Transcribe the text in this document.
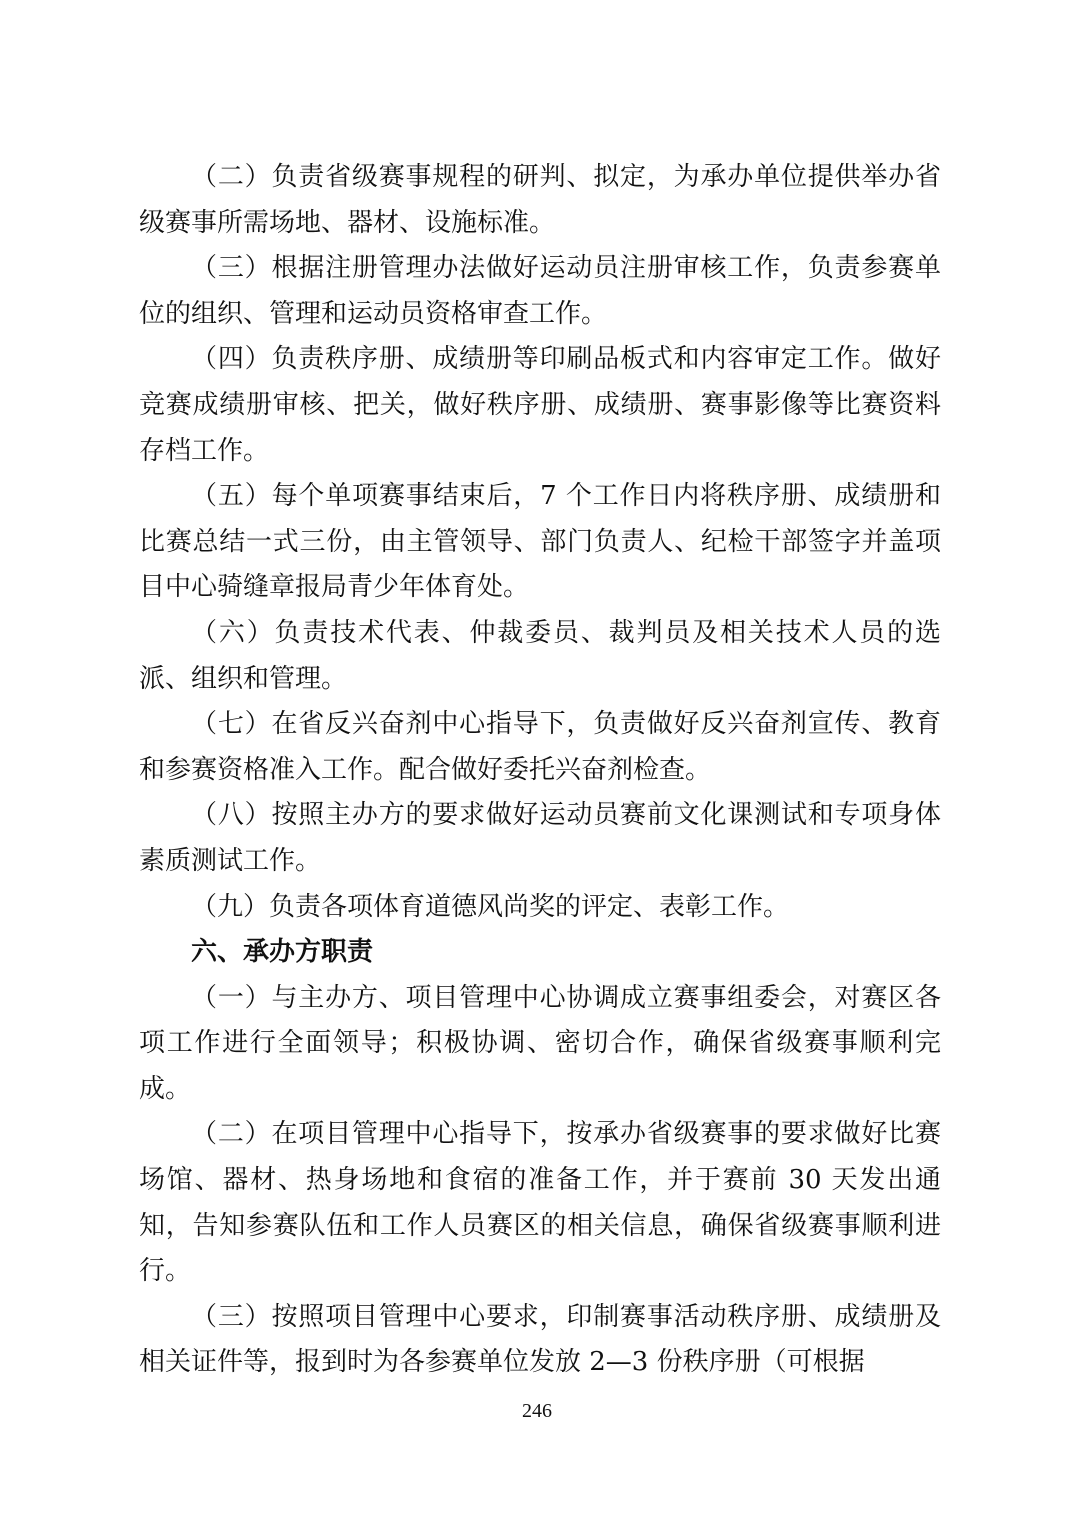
（二）负责省级赛事规程的研判、拟定，为承办单位提供举办省级赛事所需场地、器材、设施标准。

（三）根据注册管理办法做好运动员注册审核工作，负责参赛单位的组织、管理和运动员资格审查工作。

（四）负责秩序册、成绩册等印刷品板式和内容审定工作。做好竞赛成绩册审核、把关，做好秩序册、成绩册、赛事影像等比赛资料存档工作。

（五）每个单项赛事结束后，7 个工作日内将秩序册、成绩册和比赛总结一式三份，由主管领导、部门负责人、纪检干部签字并盖项目中心骑缝章报局青少年体育处。

（六）负责技术代表、仲裁委员、裁判员及相关技术人员的选派、组织和管理。

（七）在省反兴奋剂中心指导下，负责做好反兴奋剂宣传、教育和参赛资格准入工作。配合做好委托兴奋剂检查。

（八）按照主办方的要求做好运动员赛前文化课测试和专项身体素质测试工作。

（九）负责各项体育道德风尚奖的评定、表彰工作。

六、承办方职责

（一）与主办方、项目管理中心协调成立赛事组委会，对赛区各项工作进行全面领导；积极协调、密切合作，确保省级赛事顺利完成。

（二）在项目管理中心指导下，按承办省级赛事的要求做好比赛场馆、器材、热身场地和食宿的准备工作，并于赛前 30 天发出通知，告知参赛队伍和工作人员赛区的相关信息，确保省级赛事顺利进行。

（三）按照项目管理中心要求，印制赛事活动秩序册、成绩册及相关证件等，报到时为各参赛单位发放 2—3 份秩序册（可根据

246
